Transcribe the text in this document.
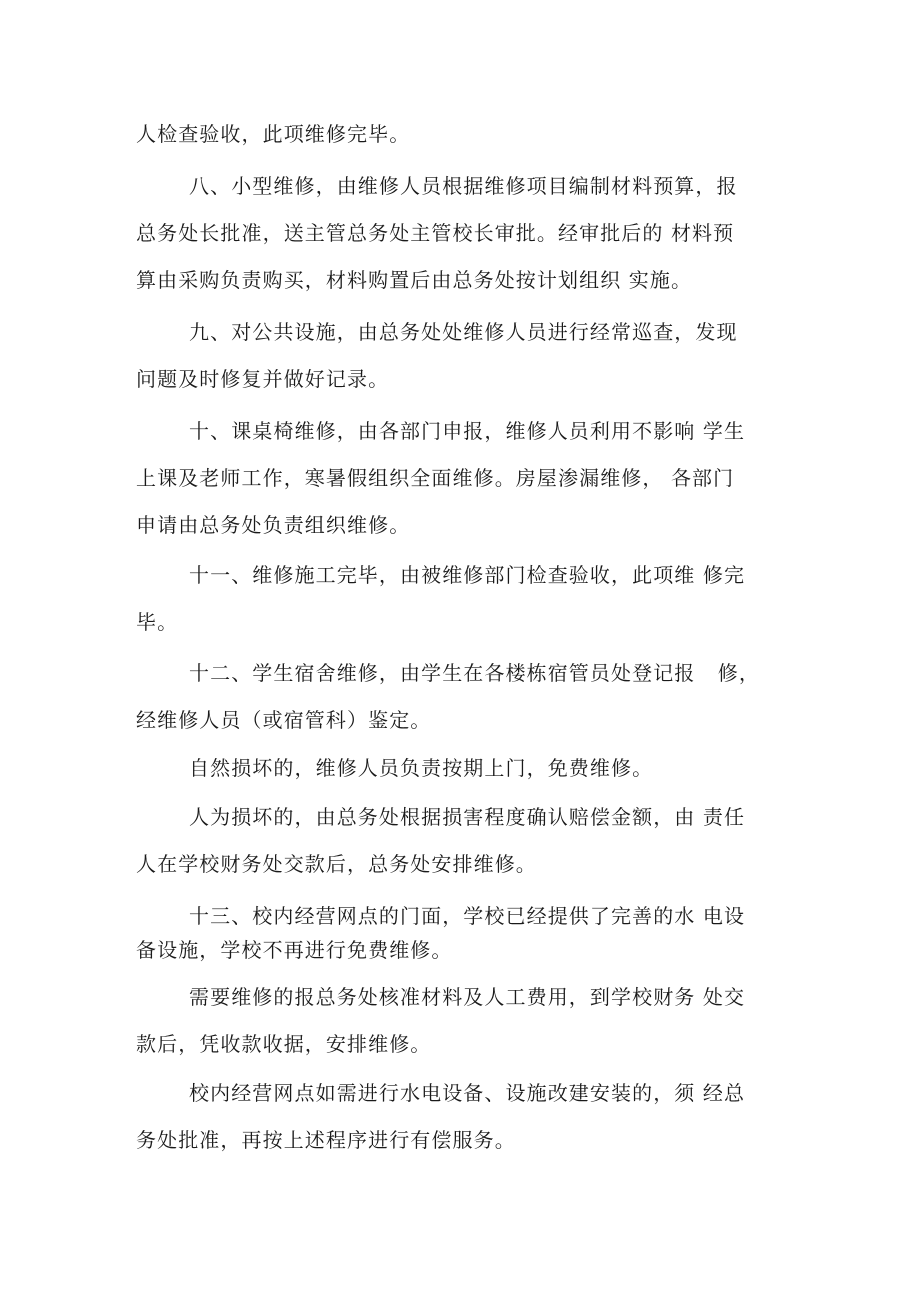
人检查验收，此项维修完毕。
八、小型维修，由维修人员根据维修项目编制材料预算，报
总务处长批准，送主管总务处主管校长审批。经审批后的 材料预
算由采购负责购买，材料购置后由总务处按计划组织 实施。
九、对公共设施，由总务处处维修人员进行经常巡查，发现
问题及时修复并做好记录。
十、课桌椅维修，由各部门申报，维修人员利用不影响 学生
上课及老师工作，寒暑假组织全面维修。房屋渗漏维修， 各部门
申请由总务处负责组织维修。
十一、维修施工完毕，由被维修部门检查验收，此项维 修完
毕。
十二、学生宿舍维修，由学生在各楼栋宿管员处登记报   修，
经维修人员（或宿管科）鉴定。
自然损坏的，维修人员负责按期上门，免费维修。
人为损坏的，由总务处根据损害程度确认赔偿金额，由 责任
人在学校财务处交款后，总务处安排维修。
十三、校内经营网点的门面，学校已经提供了完善的水 电设
备设施，学校不再进行免费维修。
需要维修的报总务处核准材料及人工费用，到学校财务 处交
款后，凭收款收据，安排维修。
校内经营网点如需进行水电设备、设施改建安装的，须 经总
务处批准，再按上述程序进行有偿服务。
